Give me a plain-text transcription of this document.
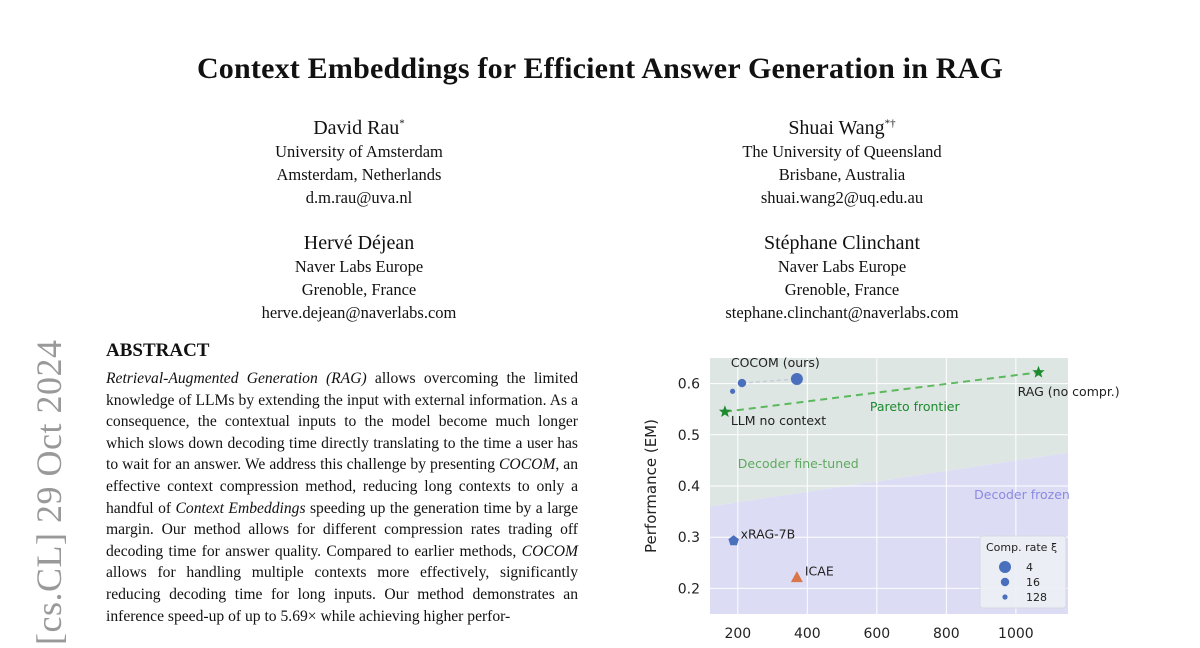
Context Embeddings for Efficient Answer Generation in RAG
[cs.CL] 29 Oct 2024
David Rau*
University of Amsterdam
Amsterdam, Netherlands
d.m.rau@uva.nl
Shuai Wang*†
The University of Queensland
Brisbane, Australia
shuai.wang2@uq.edu.au
Hervé Déjean
Naver Labs Europe
Grenoble, France
herve.dejean@naverlabs.com
Stéphane Clinchant
Naver Labs Europe
Grenoble, France
stephane.clinchant@naverlabs.com
ABSTRACT
Retrieval-Augmented Generation (RAG) allows overcoming the limited knowledge of LLMs by extending the input with external information. As a consequence, the contextual inputs to the model become much longer which slows down decoding time directly translating to the time a user has to wait for an answer. We address this challenge by presenting COCOM, an effective context compression method, reducing long contexts to only a handful of Context Embeddings speeding up the generation time by a large margin. Our method allows for different compression rates trading off decoding time for answer quality. Compared to earlier methods, COCOM allows for handling multiple contexts more effectively, significantly reducing decoding time for long inputs. Our method demonstrates an inference speed-up of up to 5.69× while achieving higher perfor-
200	400	600	800	1000
0.2
0.3
0.4
0.5
0.6
Performance (EM)	Decoder fine-tuned
Decoder frozen
COCOM (ours)
RAG (no compr.)
LLM no context
Pareto frontier
xRAG-7B
ICAE
Comp. rate ξ
4
16
128
